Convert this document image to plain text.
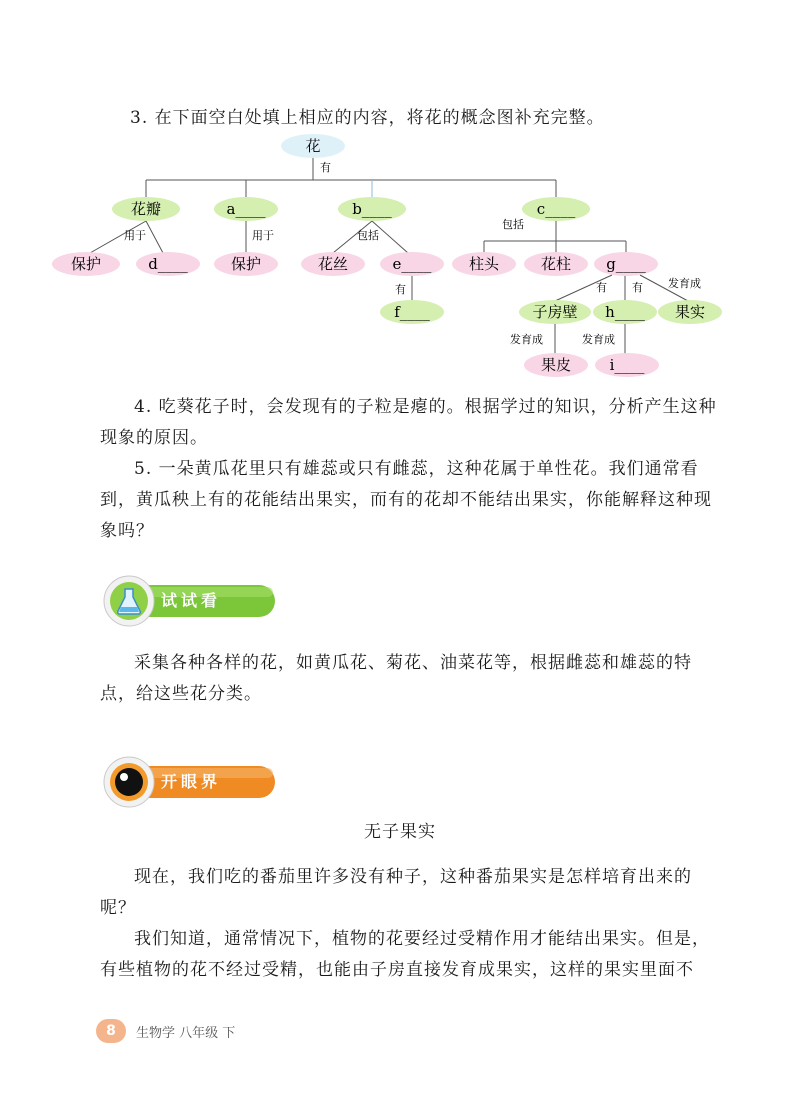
3. 在下面空白处填上相应的内容，将花的概念图补充完整。
花
有
花瓣	a____	b____	c____
用于	用于	包括
包括
保护	d____	保护	花丝	e____	柱头	花柱 g____
有	有 有 发育成
f____	子房壁 h____ 果实
发育成	发育成
果皮	i____

4. 吃葵花子时，会发现有的子粒是瘪的。根据学过的知识，分析产生这种现象的原因。

5. 一朵黄瓜花里只有雄蕊或只有雌蕊，这种花属于单性花。我们通常看到，黄瓜秧上有的花能结出果实，而有的花却不能结出果实，你能解释这种现象吗？

试试看

采集各种各样的花，如黄瓜花、菊花、油菜花等，根据雌蕊和雄蕊的特点，给这些花分类。

开眼界
无子果实

现在，我们吃的番茄里许多没有种子，这种番茄果实是怎样培育出来的呢？

我们知道，通常情况下，植物的花要经过受精作用才能结出果实。但是，有些植物的花不经过受精，也能由子房直接发育成果实，这样的果实里面不

8	生物学 八年级 下
